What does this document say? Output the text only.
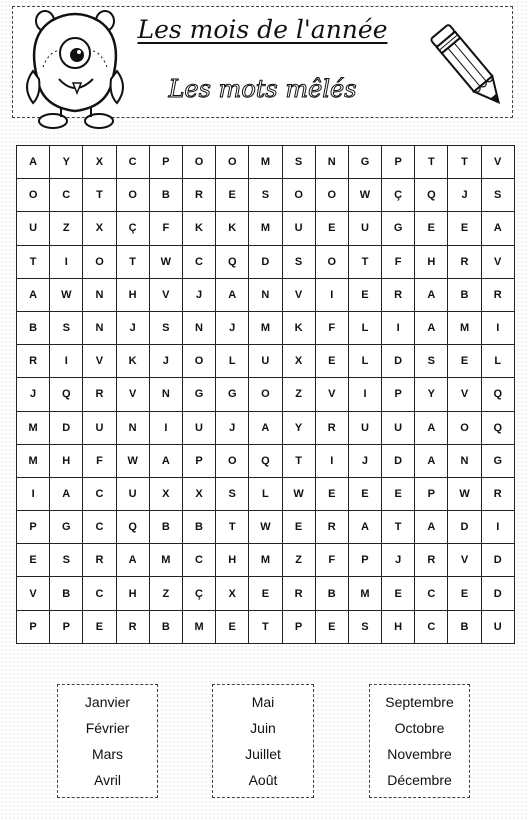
Les mois de l'année
Les mots mêlés
A	Y	X	C	P	O	O	M	S	N	G	P	T	T	V
O	C	T	O	B	R	E	S	O	O	W	Ç	Q	J	S
U	Z	X	Ç	F	K	K	M	U	E	U	G	E	E	A
T	I	O	T	W	C	Q	D	S	O	T	F	H	R	V
A	W	N	H	V	J	A	N	V	I	E	R	A	B	R
B	S	N	J	S	N	J	M	K	F	L	I	A	M	I
R	I	V	K	J	O	L	U	X	E	L	D	S	E	L
J	Q	R	V	N	G	G	O	Z	V	I	P	Y	V	Q
M	D	U	N	I	U	J	A	Y	R	U	U	A	O	Q
M	H	F	W	A	P	O	Q	T	I	J	D	A	N	G
I	A	C	U	X	X	S	L	W	E	E	E	P	W	R
P	G	C	Q	B	B	T	W	E	R	A	T	A	D	I
E	S	R	A	M	C	H	M	Z	F	P	J	R	V	D
V	B	C	H	Z	Ç	X	E	R	B	M	E	C	E	D
P	P	E	R	B	M	E	T	P	E	S	H	C	B	U
Janvier
Février
Mars
Avril
Mai
Juin
Juillet
Août
Septembre
Octobre
Novembre
Décembre
